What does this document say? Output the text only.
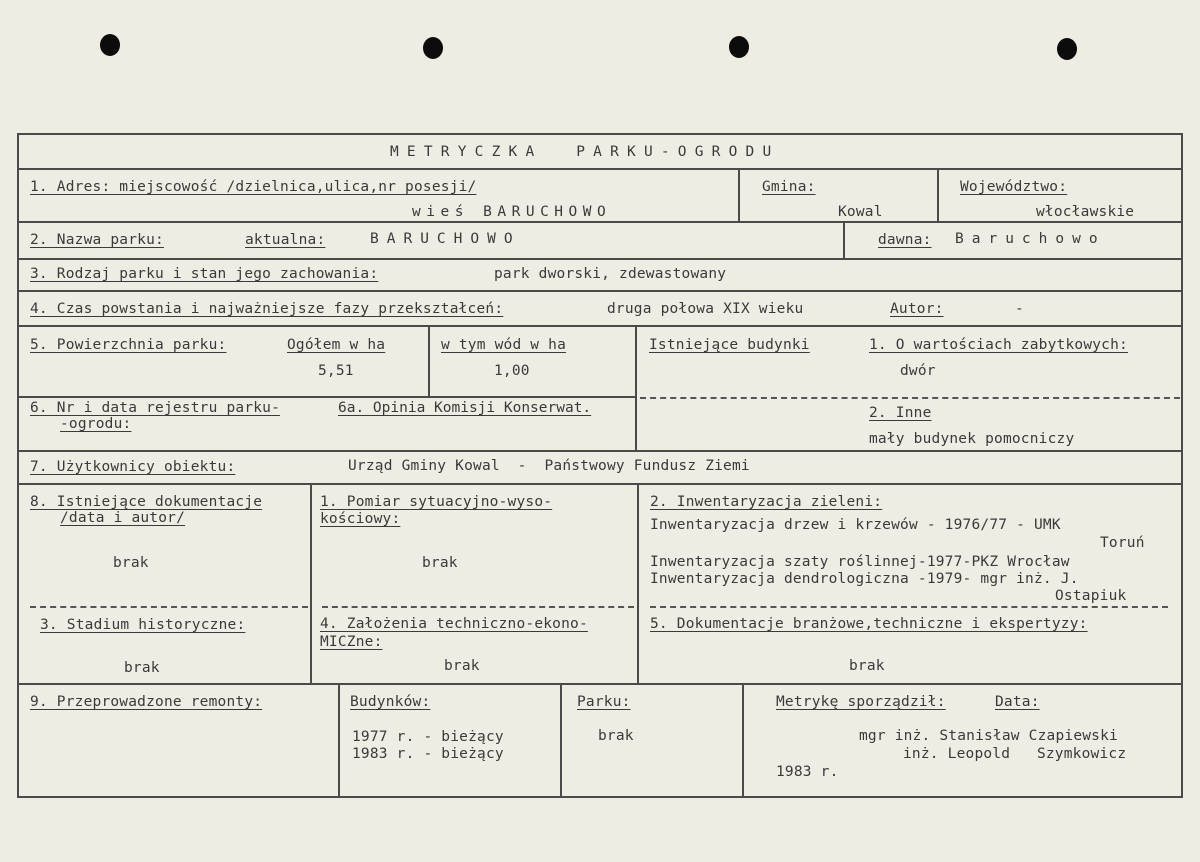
METRYCZKA  PARKU-OGRODU
1. Adres: miejscowość /dzielnica,ulica,nr posesji/
wieś BARUCHOWO
Gmina:
Kowal
Województwo:
włocławskie
2. Nazwa parku:	aktualna:	BARUCHOWO	dawna: Baruchowo
3. Rodzaj parku i stan jego zachowania:	park dworski, zdewastowany
4. Czas powstania i najważniejsze fazy przekształceń:	druga połowa XIX wieku	Autor:	-
5. Powierzchnia parku:	Ogółem w ha
5,51
w tym wód w ha
1,00
Istniejące budynki	1. O wartościach zabytkowych:
dwór
2. Inne
mały budynek pomocniczy
6. Nr i data rejestru parku-
-ogrodu:
6a. Opinia Komisji Konserwat.
7. Użytkownicy obiektu:	Urząd Gminy Kowal  -  Państwowy Fundusz Ziemi
8. Istniejące dokumentacje
/data i autor/
brak
1. Pomiar sytuacyjno-wyso-
kościowy:
brak
2. Inwentaryzacja zieleni:
Inwentaryzacja drzew i krzewów - 1976/77 - UMK
Toruń
Inwentaryzacja szaty roślinnej-1977-PKZ Wrocław
Inwentaryzacja dendrologiczna -1979- mgr inż. J.
Ostapiuk
3. Stadium historyczne:
brak
4. Założenia techniczno-ekono-
MICZne:
brak
5. Dokumentacje branżowe,techniczne i ekspertyzy:
brak
9. Przeprowadzone remonty:	Budynków:
1977 r. - bieżący
1983 r. - bieżący
Parku:
brak
Metrykę sporządził:	Data:
mgr inż. Stanisław Czapiewski
inż. Leopold   Szymkowicz
1983 r.
